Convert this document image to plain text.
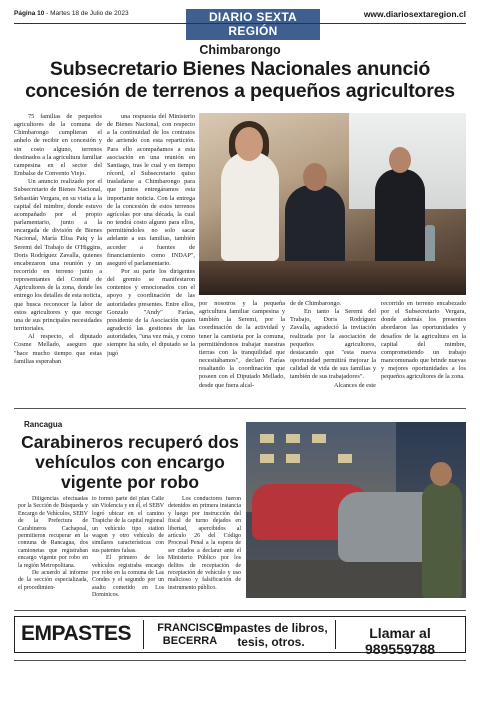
Página 10 - Martes 18 de Julio de 2023	DIARIO SEXTA REGIÓN
www.diariosextaregion.cl
Chimbarongo
Subsecretario Bienes Nacionales anunció concesión de terrenos a pequeños agricultores

75 familias de pequeños agricultores de la comuna de Chimbarongo cumplieran el anhelo de recibir en concesión y sin costo alguno, terrenos destinados a la agricultura familiar campesina en el sector del Embalse de Convento Viejo.

Un anuncio realizado por el Subsecretario de Bienes Nacional, Sebastián Vergara, en su visita a la capital del mimbre, donde estuvo acompañado por el propio parlamentario, junto a la encargada de división de Bienes Nacional, María Elisa Paiq y la Seremi del Trabajo de O'Higgins, Doris Rodríguez Zavalla, quienes encabezaron una reunión y un recorrido en terreno junto a representantes del Comité de Agricultores de la zona, donde les entrego los detalles de esta noticia, que busca reconocer la labor de estos agricultores y que recoge una de sus principales necesidades territoriales.

Al respecto, el diputado Cosme Mellado, aseguro que "hace mucho tiempo que estas familias esperaban

una respuesta del Ministerio de Bienes Nacional, con respecto a la continuidad de los contratos de arriendo con esta repartición. Para ello acompañamos a esta asociación en una reunión en Santiago, tras le cual y en tiempo récord, el Subsecretario quiso trasladarse a Chimbarongo para que juntos entregáramos esta importante noticia. Con la entrega de la concesión de estos terrenos agrícolas por una década, la cual no tendrá costo alguno para ellos, permitiéndoles no solo sacar adelante a sus familias, también acceder a fuentes de financiamiento como INDAP", aseguró el parlamentario.

Por su parte los dirigentes del gremio se manifestaron contentos y emocionados con el apoyo y coordinación de las autoridades presentes. Entre ellos, Gonzalo "Andy" Farías, presidente de la Asociación quien agradeció las gestiones de las autoridades, "una vez más, y como siempre ha sido, el diputado se la jugó

por nosotros y la pequeña agricultura familiar campesina y también la Seremi, por la coordinación de la actividad y tener la camiseta por la comuna, permitiéndonos trabajar nuestras tierras con la tranquilidad que necesitábamos", declaró Farías resaltando la coordinación que poseen con el Diputado Mellado, desde que fuera alcal-

de de Chimbarongo.

En tanto la Seremi del Trabajo, Doris Rodríguez Zavalla, agradeció la invitación realizada por la asociación de pequeños agricultores, destacando que "esta nueva oportunidad permitirá mejorar la calidad de vida de sus familias y también de sus trabajadores".

Alcances de este

recorrido en terreno encabezado por el Subsecretario Vergara, donde además los presentes abordaron las oportunidades y desafíos de la agricultura en la capital del mimbre, comprometiendo un trabajo mancomunado que brinde nuevas y mejores oportunidades a los pequeños agricultores de la zona.

Rancagua
Carabineros recuperó dos vehículos con encargo vigente por robo

Diligencias efectuadas por la Sección de Búsqueda y Encargo de Vehículos, SEBV de la Prefectura de Carabineros Cachapoal, permitieron recuperar en la comuna de Rancagua, dos camionetas que registraban encargo vigente por robo en la región Metropolitana.

De acuerdo al informe de la sección especializada, el procedimien-

to formó parte del plan Calle sin Violencia y en él, el SEBV logró ubicar en el camino Trapiche de la capital regional un vehículo tipo station wagon y otro vehículo de similares características con sus patentes falsas.

El primero de los vehículos registraba encargo por robo en la comuna de Las Condes y el segundo por un asalto cometido en Los Dominicos.

Los conductores fueron detenidos en primera instancia y luego por instrucción del fiscal de turno dejados en libertad, apercibidos al artículo 26 del Código Procesal Penal a la espera de ser citados a declarar ante el Ministerio Público por los delitos de receptación de receptación de vehículo y uso malicioso y falsificación de instrumento público.

EMPASTES	FRANCISCO
BECERRA
Empastes de libros,
tesis, otros.
Llamar al 989559788
